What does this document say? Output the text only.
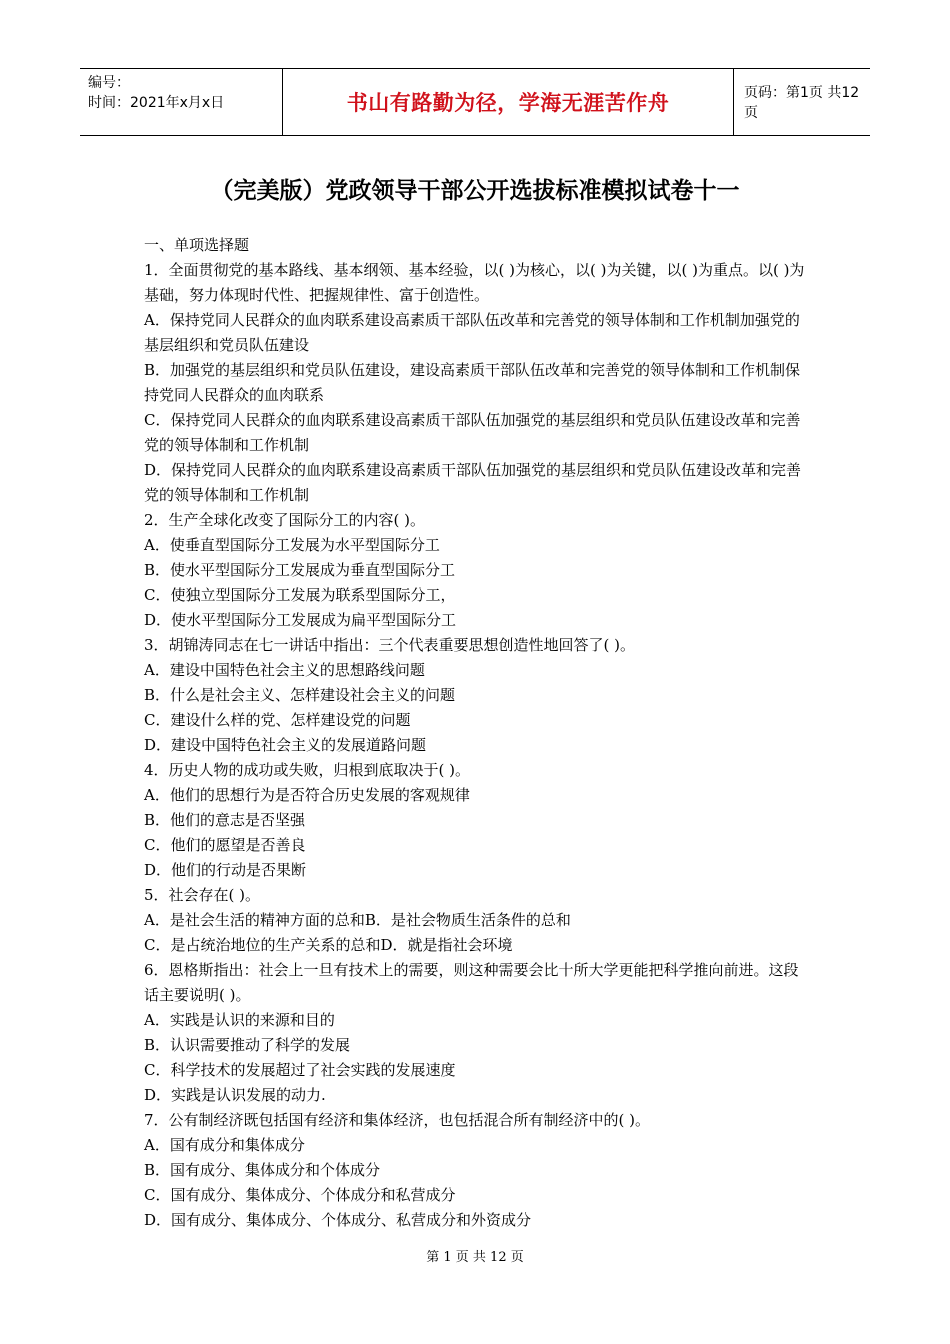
编号：
时间：2021年x月x日	书山有路勤为径，学海无涯苦作舟	页码：第1页 共12页
（完美版）党政领导干部公开选拔标准模拟试卷十一

一、单项选择题

1．全面贯彻党的基本路线、基本纲领、基本经验，以( )为核心，以( )为关键，以( )为重点。以( )为基础，努力体现时代性、把握规律性、富于创造性。

A．保持党同人民群众的血肉联系建设高素质干部队伍改革和完善党的领导体制和工作机制加强党的基层组织和党员队伍建设

B．加强党的基层组织和党员队伍建设，建设高素质干部队伍改革和完善党的领导体制和工作机制保持党同人民群众的血肉联系

C．保持党同人民群众的血肉联系建设高素质干部队伍加强党的基层组织和党员队伍建设改革和完善党的领导体制和工作机制

D．保持党同人民群众的血肉联系建设高素质干部队伍加强党的基层组织和党员队伍建设改革和完善党的领导体制和工作机制

2．生产全球化改变了国际分工的内容( )。

A．使垂直型国际分工发展为水平型国际分工

B．使水平型国际分工发展成为垂直型国际分工

C．使独立型国际分工发展为联系型国际分工，

D．使水平型国际分工发展成为扁平型国际分工

3．胡锦涛同志在七一讲话中指出：三个代表重要思想创造性地回答了( )。

A．建设中国特色社会主义的思想路线问题

B．什么是社会主义、怎样建设社会主义的问题

C．建设什么样的党、怎样建设党的问题

D．建设中国特色社会主义的发展道路问题

4．历史人物的成功或失败，归根到底取决于( )。

A．他们的思想行为是否符合历史发展的客观规律

B．他们的意志是否坚强

C．他们的愿望是否善良

D．他们的行动是否果断

5．社会存在( )。

A．是社会生活的精神方面的总和B．是社会物质生活条件的总和

C．是占统治地位的生产关系的总和D．就是指社会环境

6．恩格斯指出：社会上一旦有技术上的需要，则这种需要会比十所大学更能把科学推向前进。这段话主要说明( )。

A．实践是认识的来源和目的

B．认识需要推动了科学的发展

C．科学技术的发展超过了社会实践的发展速度

D．实践是认识发展的动力.

7．公有制经济既包括国有经济和集体经济，也包括混合所有制经济中的( )。

A．国有成分和集体成分

B．国有成分、集体成分和个体成分

C．国有成分、集体成分、个体成分和私营成分

D．国有成分、集体成分、个体成分、私营成分和外资成分

第 1 页 共 12 页
